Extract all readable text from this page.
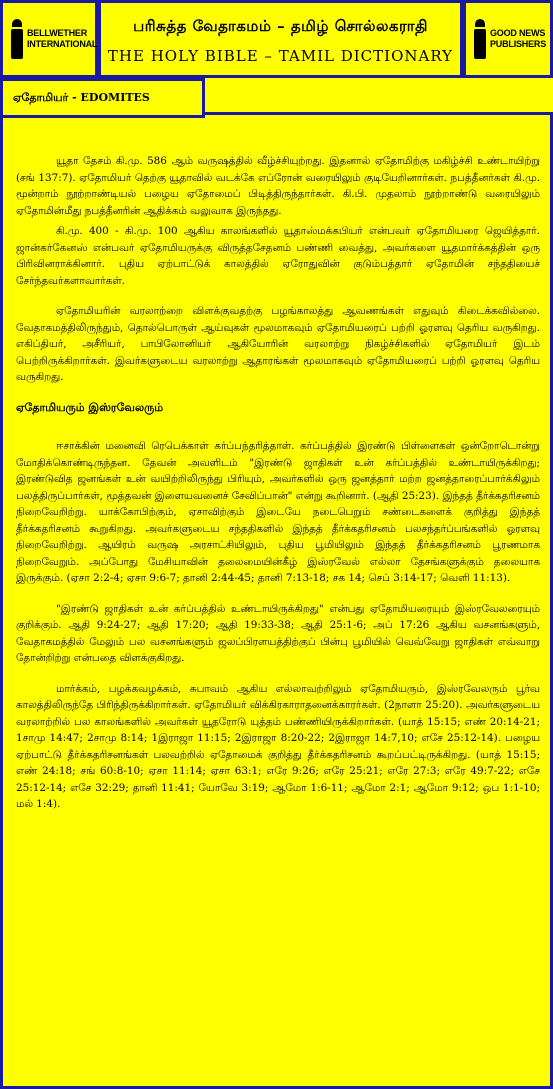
BELLWETHER INTERNATIONAL
பரிசுத்த வேதாகமம் – தமிழ் சொல்லகராதி
THE HOLY BIBLE – TAMIL DICTIONARY
GOOD NEWS PUBLISHERS

யூதா தேசம் கி.மு. 586 ஆம் வருஷத்தில் வீழ்ச்சியுற்றது. இதனால் ஏதோமிற்கு மகிழ்ச்சி உண்டாயிற்று (சங் 137:7). ஏதோமியர் தெற்கு யூதாவில் வடக்கே எப்ரோன் வரையிலும் குடியேறினார்கள். நபத்தீனர்கள் கி.மு. மூன்றாம் நூற்றாண்டியல் பழைய ஏதோமைப் பிடித்திருந்தார்கள். கி.பி. முதலாம் நூற்றாண்டு வரையிலும் ஏதோமின்மீது நபத்தீனரின் ஆதிக்கம் வலுவாக இருந்தது.

கி.மு. 400 - கி.மு. 100 ஆகிய காலங்களில் யூதாஸ்மக்கபியர் என்பவர் ஏதோமியரை ஜெயித்தார். ஜான்கர்கேனஸ் என்பவர் ஏதோமியருக்கு விருத்தசேதனம் பண்ணி வைத்து, அவர்களை யூதமார்க்கத்தின் ஒரு பிரிவினராக்கினார். புதிய ஏற்பாட்டுக் காலத்தில் ஏரோதுவின் குடும்பத்தார் ஏதோமின் சந்ததியைச் சேர்ந்தவர்களாவார்கள்.

ஏதோமியரின் வரலாற்றை விளக்குவதற்கு பழங்காலத்து ஆவணங்கள் எதுவும் கிடைக்கவில்லை. வேதாகமத்திலிருந்தும், தொல்பொருள் ஆய்வுகள் மூலமாகவும் ஏதோமியரைப் பற்றி ஓரளவு தெரிய வருகிறது. எகிப்தியர், அசீரியர், பாபிலோனியர் ஆகியோரின் வரலாற்று நிகழ்ச்சிகளில் ஏதோமியர் இடம் பெற்றிருக்கிறார்கள். இவர்களுடைய வரலாற்று ஆதாரங்கள் மூலமாகவும் ஏதோமியரைப் பற்றி ஓரளவு தெரிய வருகிறது.

ஏதோமியரும் இஸ்ரவேலரும்

ஈசாக்கின் மனைவி ரெபெக்காள் கர்ப்பந்தரித்தாள். கர்ப்பத்தில் இரண்டு பிள்ளைகள் ஒன்றோடொன்று மோதிக்கொண்டிருந்தன. தேவன் அவளிடம் "இரண்டு ஜாதிகள் உன் கர்ப்பத்தில் உண்டாயிருக்கிறது; இரண்டுவித ஜனங்கள் உன் வயிற்றிலிருந்து பிரியும், அவர்களில் ஒரு ஜனத்தார் மற்ற ஜனத்தாரைப்பார்க்கிலும் பலத்திருப்பார்கள், மூத்தவன் இளையவனைச் சேவிப்பான்" என்று கூறினார். (ஆதி 25:23). இந்தத் தீர்க்கதரிசனம் நிறைவேறிற்று. யாக்கோபிற்கும், ஏசாவிற்கும் இடையே நடைபெறும் சண்டைகளைக் குறித்து இந்தத் தீர்க்கதரிசனம் கூறுகிறது. அவர்களுடைய சந்ததிகளில் இந்தத் தீர்க்கதரிசனம் பலசந்தர்ப்பங்களில் ஓரளவு நிறைவேறிற்று. ஆயிரம் வருஷ அரசாட்சியிலும், புதிய பூமியிலும் இந்தத் தீர்க்கதரிசனம் பூரணமாக நிறைவேறும். அப்போது மேசியாவின் தலைமையின்கீழ் இஸ்ரவேல் எல்லா தேசங்களுக்கும் தலையாக இருக்கும். (ஏசா 2:2-4; ஏசா 9:6-7; தானி 2:44-45; தானி 7:13-18; சக 14; செப் 3:14-17; வெளி 11:13).

"இரண்டு ஜாதிகள் உன் கர்ப்பத்தில் உண்டாயிருக்கிறது" என்பது ஏதோமியரையும் இஸ்ரவேலரையும் குறிக்கும். ஆதி 9:24-27; ஆதி 17:20; ஆதி 19:33-38; ஆதி 25:1-6; அப் 17:26 ஆகிய வசனங்களும், வேதாகமத்தில் மேலும் பல வசனங்களும் ஜலப்பிரளயத்திற்குப் பின்பு பூமியில் வெவ்வேறு ஜாதிகள் எவ்வாறு தோன்றிற்று என்பதை விளக்குகிறது.

மார்க்கம், பழக்கவழக்கம், சுபாவம் ஆகிய எல்லாவற்றிலும் ஏதோமியரும், இஸ்ரவேலரும் பூர்வ காலத்திலிருந்தே பிரிந்திருக்கிறார்கள். ஏதோமியர் விக்கிரகாராதனைக்காரர்கள். (2நாளா 25:20). அவர்களுடைய வரலாற்றில் பல காலங்களில் அவர்கள் யூதரோடு யுத்தம் பண்ணியிருக்கிறார்கள். (யாத் 15:15; எண் 20:14-21; 1சாமு 14:47; 2சாமு 8:14; 1இராஜா 11:15; 2இராஜா 8:20-22; 2இராஜா 14:7,10; எசே 25:12-14). பழைய ஏற்பாட்டு தீர்க்கதரிசனங்கள் பலவற்றில் ஏதோமைக் குறித்து தீர்க்கதரிசனம் கூறப்பட்டிருக்கிறது. (யாத் 15:15; எண் 24:18; சங் 60:8-10; ஏசா 11:14; ஏசா 63:1; எரே 9:26; எரே 25:21; எரே 27:3; எரே 49:7-22; எசே 25:12-14; எசே 32:29; தானி 11:41; யோவே 3:19; ஆமோ 1:6-11; ஆமோ 2:1; ஆமோ 9:12; ஒப 1:1-10; மல் 1:4).

ஏதோமியர் - EDOMITES
